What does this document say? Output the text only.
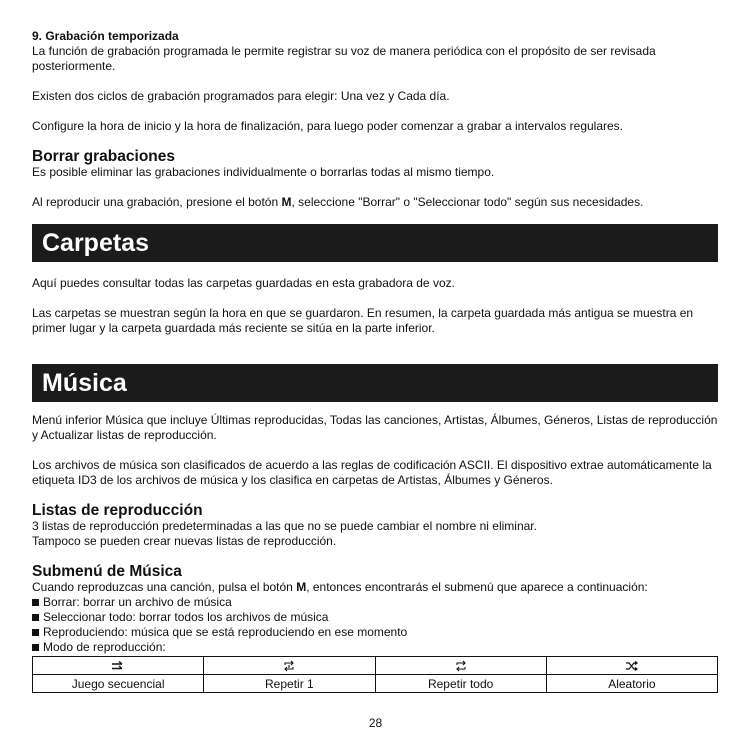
9. Grabación temporizada

La función de grabación programada le permite registrar su voz de manera periódica con el propósito de ser revisada posteriormente.

Existen dos ciclos de grabación programados para elegir: Una vez y Cada día.

Configure la hora de inicio y la hora de finalización, para luego poder comenzar a grabar a intervalos regulares.

Borrar grabaciones

Es posible eliminar las grabaciones individualmente o borrarlas todas al mismo tiempo.

Al reproducir una grabación, presione el botón M, seleccione "Borrar" o "Seleccionar todo" según sus necesidades.

Carpetas

Aquí puedes consultar todas las carpetas guardadas en esta grabadora de voz.

Las carpetas se muestran según la hora en que se guardaron. En resumen, la carpeta guardada más antigua se muestra en primer lugar y la carpeta guardada más reciente se sitúa en la parte inferior.

Música

Menú inferior Música que incluye Últimas reproducidas, Todas las canciones, Artistas, Álbumes, Géneros, Listas de reproducción y Actualizar listas de reproducción.

Los archivos de música son clasificados de acuerdo a las reglas de codificación ASCII. El dispositivo extrae automáticamente la etiqueta ID3 de los archivos de música y los clasifica en carpetas de Artistas, Álbumes y Géneros.

Listas de reproducción

3 listas de reproducción predeterminadas a las que no se puede cambiar el nombre ni eliminar.

Tampoco se pueden crear nuevas listas de reproducción.

Submenú de Música

Cuando reproduzcas una canción, pulsa el botón M, entonces encontrarás el submenú que aparece a continuación:

Borrar: borrar un archivo de música
Seleccionar todo: borrar todos los archivos de música
Reproduciendo: música que se está reproduciendo en ese momento
Modo de reproducción:

Juego secuencial	Repetir 1	Repetir todo	Aleatorio
28
